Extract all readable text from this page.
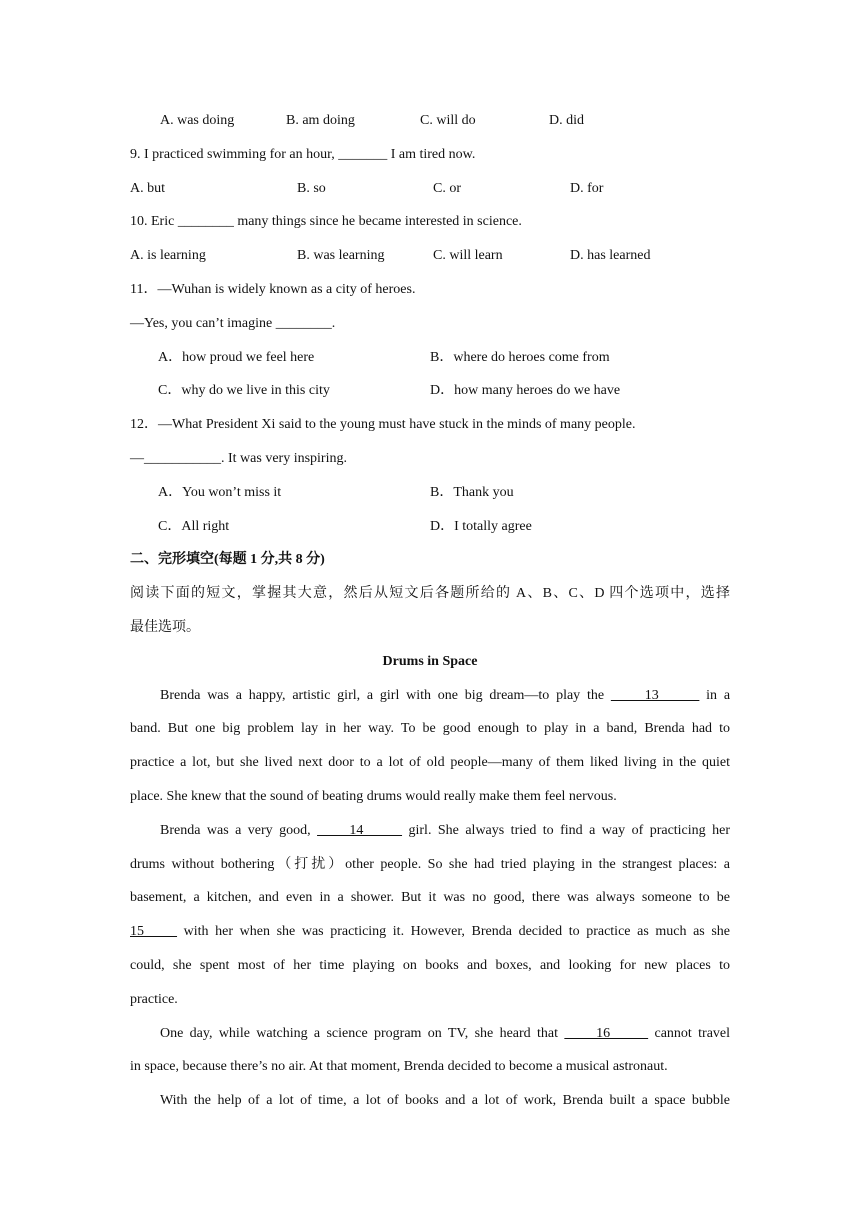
A. was doing	B. am doing	C. will do	D. did
9. I practiced swimming for an hour, _______ I am tired now.
A. but	B. so	C. or	D. for
10. Eric ________ many things since he became interested in science.
A. is learning	B. was learning	C. will learn	D. has learned
11．—Wuhan is widely known as a city of heroes.
—Yes, you can’t imagine ________.
A．how proud we feel here	B．where do heroes come from
C．why do we live in this city	D．how many heroes do we have
12．—What President Xi said to the young must have stuck in the minds of many people.
—___________. It was very inspiring.
A．You won’t miss it	B．Thank you
C．All right	D．I totally agree
二、完形填空(每题 1 分,共 8 分)
阅读下面的短文，掌握其大意，然后从短文后各题所给的 A、B、C、D 四个选项中，选择
最佳选项。
Drums in Space
Brenda was a happy, artistic girl, a girl with one big dream—to play the      13       in a
band. But one big problem lay in her way. To be good enough to play in a band, Brenda had to
practice a lot, but she lived next door to a lot of old people—many of them liked living in the quiet
place. She knew that the sound of beating drums would really make them feel nervous.
Brenda was a very good,      14       girl. She always tried to find a way of practicing her
drums without bothering（打扰）other people. So she had tried playing in the strangest places: a
basement, a kitchen, and even in a shower. But it was no good, there was always someone to be
15      with her when she was practicing it. However, Brenda decided to practice as much as she
could, she spent most of her time playing on books and boxes, and looking for new places to
practice.
One day, while watching a science program on TV, she heard that      16       cannot travel
in space, because there’s no air. At that moment, Brenda decided to become a musical astronaut.
With the help of a lot of time, a lot of books and a lot of work, Brenda built a space bubble
